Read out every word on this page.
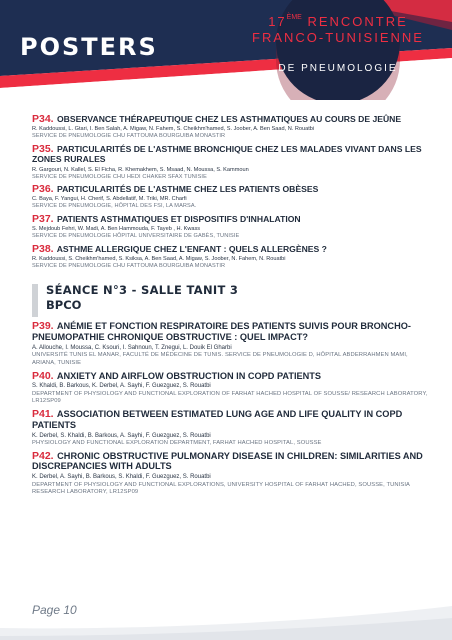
POSTERS
17ÈME RENCONTRE
FRANCO-TUNISIENNE
DE PNEUMOLOGIE
P34. OBSERVANCE THÉRAPEUTIQUE CHEZ LES ASTHMATIQUES AU COURS DE JEÛNE
R. Kaddoussi, L. Gtari, I. Ben Salah, A. Migaw, N. Fahem, S. Cheikhm'hamed, S. Joober, A. Ben Saad, N. Rouatbi
SERVICE DE PNEUMOLOGIE CHU FATTOUMA BOURGUIBA MONASTIR
P35. PARTICULARITÉS DE L'ASTHME BRONCHIQUE CHEZ LES MALADES VIVANT DANS LES ZONES RURALES
R. Gargouri, N. Kallel, S. El Ficha, R. Khemakhem, S. Msaad, N. Moussa, S. Kammoun
SERVICE DE PNEUMOLOGIE CHU HEDI CHAKER SFAX TUNISIE
P36. PARTICULARITÉS DE L'ASTHME CHEZ LES PATIENTS OBÈSES
C. Baya, F. Yangui, H. Cherif, S. Abdellatif, M. Triki, MR. Charfi
SERVICE DE PNEUMOLOGIE, HÔPITAL DES FSI, LA MARSA.
P37. PATIENTS ASTHMATIQUES ET DISPOSITIFS D'INHALATION
S. Mejdoub Fehri, W. Madi, A. Ben Hammouda, F. Tayeb , H. Kwass
SERVICE DE PNEUMOLOGIE HÔPITAL UNIVERSITAIRE DE GABÈS, TUNISIE
P38. ASTHME ALLERGIQUE CHEZ L'ENFANT : QUELS ALLERGÈNES ?
R. Kaddoussi, S. Cheikhm'hamed, S. Ksiksa, A. Ben Saad, A. Migaw, S. Joober, N. Fahem, N. Rouatbi
SERVICE DE PNEUMOLOGIE CHU FATTOUMA BOURGUIBA MONASTIR
SÉANCE N°3 - SALLE TANIT 3
BPCO
P39. ANÉMIE ET FONCTION RESPIRATOIRE DES PATIENTS SUIVIS POUR BRONCHO-PNEUMOPATHIE CHRONIQUE OBSTRUCTIVE : QUEL IMPACT?
A. Allouche, I. Moussa, C. Ksouri, I. Sahnoun, T. Znegui, L. Douik El Gharbi
UNIVERSITÉ TUNIS EL MANAR, FACULTÉ DE MÉDECINE DE TUNIS. SERVICE DE PNEUMOLOGIE D, HÔPITAL ABDERRAHMEN MAMI, ARIANA, TUNISIE
P40. ANXIETY AND AIRFLOW OBSTRUCTION IN COPD PATIENTS
S. Khaldi, B. Barkous, K. Derbel, A. Sayhi, F. Guezguez, S. Rouatbi
DEPARTMENT OF PHYSIOLOGY AND FUNCTIONAL EXPLORATION OF FARHAT HACHED HOSPITAL OF SOUSSE/ RESEARCH LABORATORY, LR12SP09
P41. ASSOCIATION BETWEEN ESTIMATED LUNG AGE AND LIFE QUALITY IN COPD PATIENTS
K. Derbel, S. Khaldi, B. Barkous, A. Sayhi, F. Guezguez, S. Rouatbi
PHYSIOLOGY AND FUNCTIONAL EXPLORATION DEPARTMENT, FARHAT HACHED HOSPITAL, SOUSSE
P42. CHRONIC OBSTRUCTIVE PULMONARY DISEASE IN CHILDREN: SIMILARITIES AND DISCREPANCIES WITH ADULTS
K. Derbel, A. Sayhi, B. Barkous, S. Khaldi, F. Guezguez, S. Rouatbi
DEPARTMENT OF PHYSIOLOGY AND FUNCTIONAL EXPLORATIONS, UNIVERSITY HOSPITAL OF FARHAT HACHED, SOUSSE, TUNISIA RESEARCH LABORATORY, LR12SP09
Page 10
